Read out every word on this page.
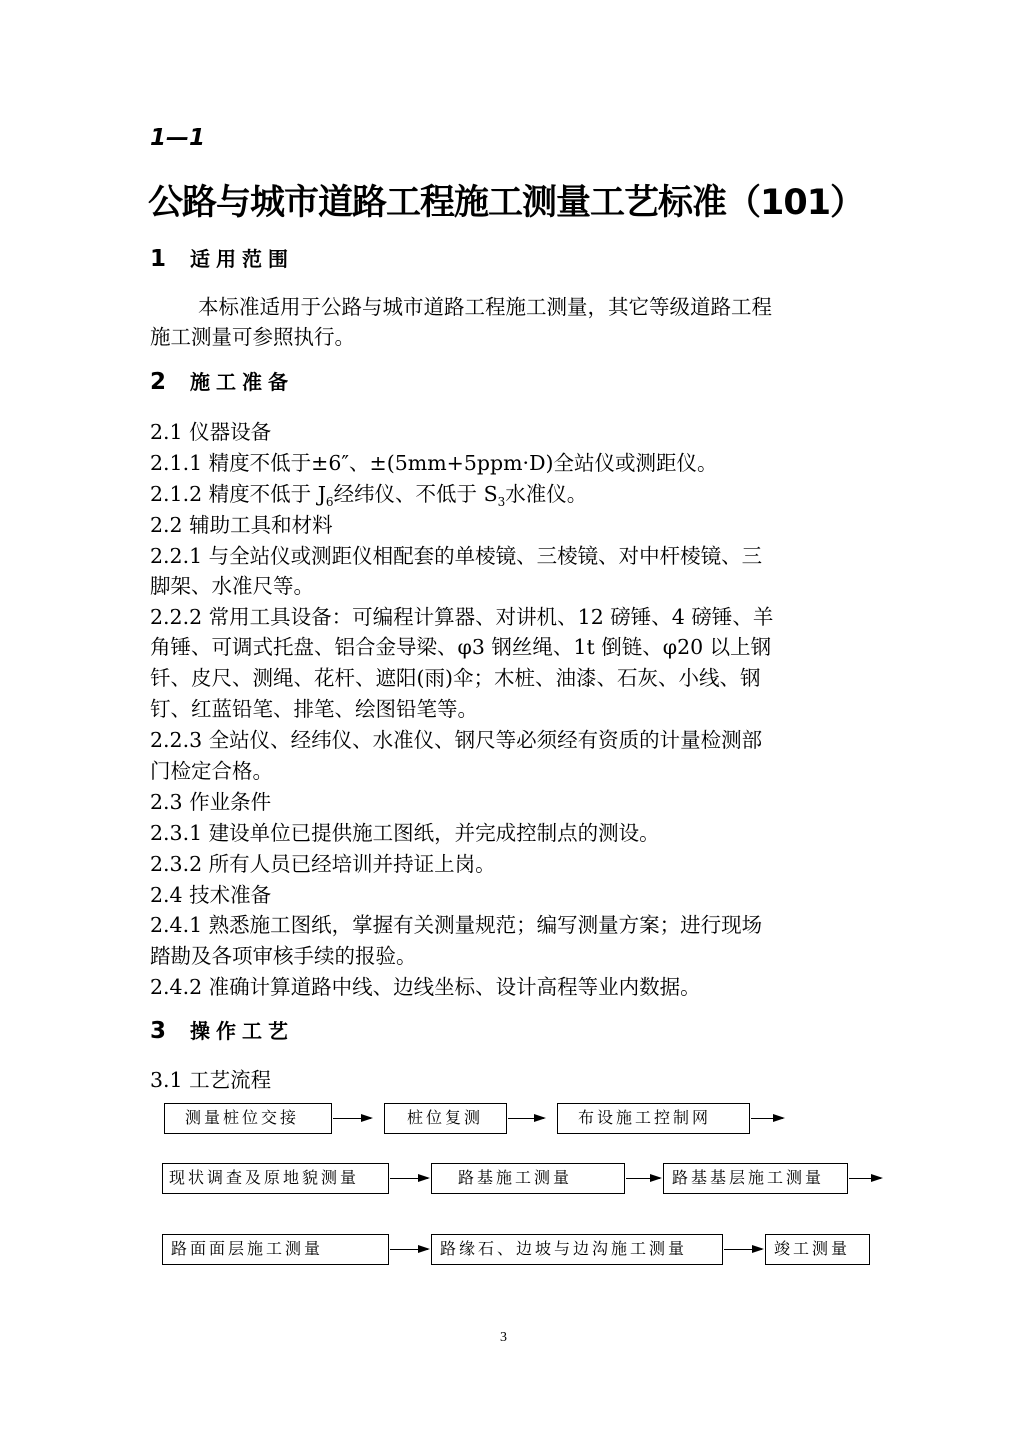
1—1
公路与城市道路工程施工测量工艺标准（101）
1 适用范围
本标准适用于公路与城市道路工程施工测量，其它等级道路工程
施工测量可参照执行。
2 施工准备
2.1 仪器设备
2.1.1 精度不低于±6″、±(5mm+5ppm·D)全站仪或测距仪。
2.1.2 精度不低于 $J_6$经纬仪、不低于 $S_3$水准仪。
2.2 辅助工具和材料
2.2.1 与全站仪或测距仪相配套的单棱镜、三棱镜、对中杆棱镜、三
脚架、水准尺等。
2.2.2 常用工具设备：可编程计算器、对讲机、12 磅锤、4 磅锤、羊
角锤、可调式托盘、铝合金导梁、φ3 钢丝绳、1t 倒链、φ20 以上钢
钎、皮尺、测绳、花杆、遮阳(雨)伞；木桩、油漆、石灰、小线、钢
钉、红蓝铅笔、排笔、绘图铅笔等。
2.2.3 全站仪、经纬仪、水准仪、钢尺等必须经有资质的计量检测部
门检定合格。
2.3 作业条件
2.3.1 建设单位已提供施工图纸，并完成控制点的测设。
2.3.2 所有人员已经培训并持证上岗。
2.4 技术准备
2.4.1 熟悉施工图纸，掌握有关测量规范；编写测量方案；进行现场
踏勘及各项审核手续的报验。
2.4.2 准确计算道路中线、边线坐标、设计高程等业内数据。
3 操作工艺
3.1 工艺流程
测量桩位交接	桩位复测	布设施工控制网
现状调查及原地貌测量	路基施工测量	路基基层施工测量
路面面层施工测量	路缘石、边坡与边沟施工测量	竣工测量
3
